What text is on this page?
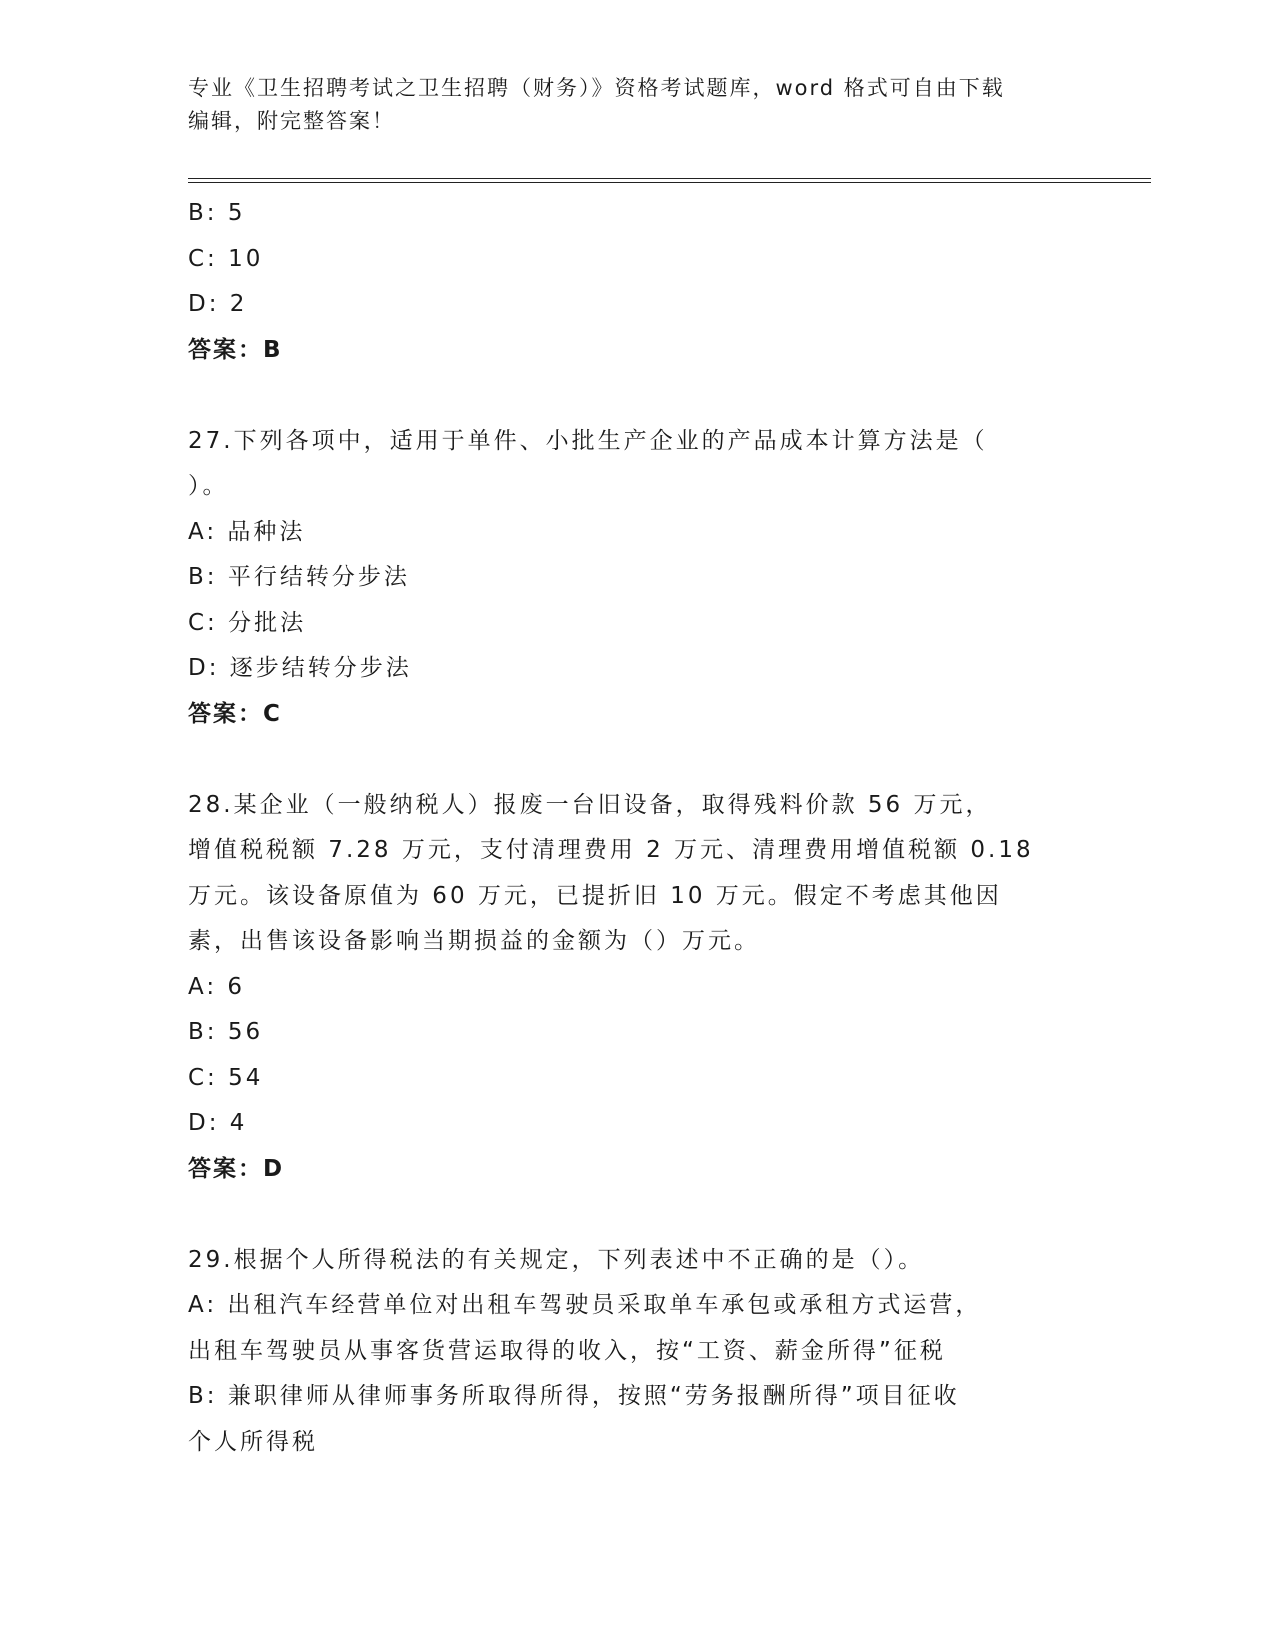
专业《卫生招聘考试之卫生招聘（财务）》资格考试题库，word 格式可自由下载
编辑，附完整答案！
B: 5
C: 10
D: 2
答案：B
27.下列各项中，适用于单件、小批生产企业的产品成本计算方法是（
）。
A: 品种法
B: 平行结转分步法
C: 分批法
D: 逐步结转分步法
答案：C
28.某企业（一般纳税人）报废一台旧设备，取得残料价款 56 万元，
增值税税额 7.28 万元，支付清理费用 2 万元、清理费用增值税额 0.18
万元。该设备原值为 60 万元，已提折旧 10 万元。假定不考虑其他因
素，出售该设备影响当期损益的金额为（）万元。
A: 6
B: 56
C: 54
D: 4
答案：D
29.根据个人所得税法的有关规定，下列表述中不正确的是（）。
A: 出租汽车经营单位对出租车驾驶员采取单车承包或承租方式运营，
出租车驾驶员从事客货营运取得的收入，按“工资、薪金所得”征税
B: 兼职律师从律师事务所取得所得，按照“劳务报酬所得”项目征收
个人所得税
